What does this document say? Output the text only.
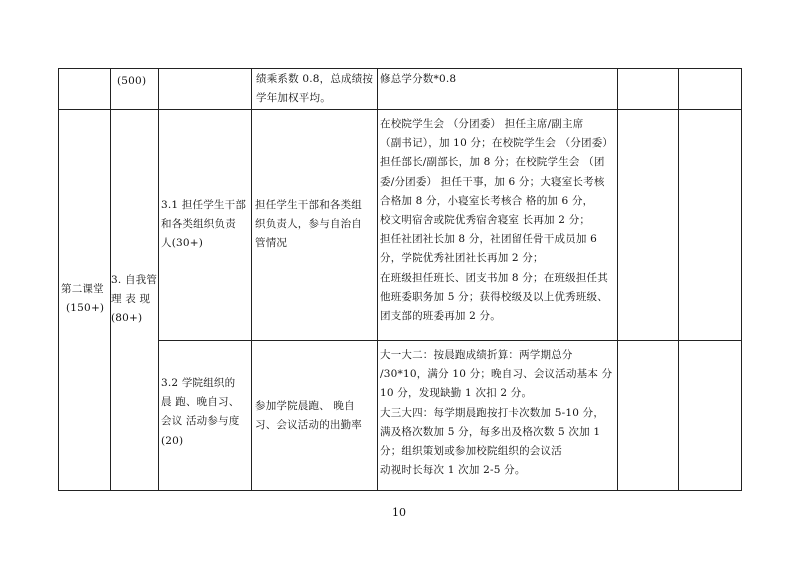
(500)	绩乘系数 0.8，总成绩按
学年加权平均。
修总学分数*0.8
第二课堂
(150+)
3. 自我管
理 表 现
(80+)
3.1 担任学生干部
和各类组织负责
人(30+)
担任学生干部和各类组
织负责人，参与自治自
管情况
在校院学生会 （分团委） 担任主席/副主席
（副书记），加 10 分；在校院学生会 （分团委）
担任部长/副部长，加 8 分；在校院学生会 （团
委/分团委） 担任干事，加 6 分；大寝室长考核
合格加 8 分，小寝室长考核合 格的加 6 分，
校文明宿舍或院优秀宿舍寝室 长再加 2 分；
担任社团社长加 8 分，社团留任骨干成员加 6
分，学院优秀社团社长再加 2 分；
在班级担任班长、团支书加 8 分；在班级担任其
他班委职务加 5 分；获得校级及以上优秀班级、
团支部的班委再加 2 分。
3.2 学院组织的
晨 跑、晚自习、
会议 活动参与度
(20)
参加学院晨跑、 晚自
习、会议活动的出勤率
大一大二：按晨跑成绩折算：两学期总分
/30*10，满分 10 分；晚自习、会议活动基本 分
10 分，发现缺勤 1 次扣 2 分。
大三大四：每学期晨跑按打卡次数加 5-10 分，
满及格次数加 5 分，每多出及格次数 5 次加 1
分；组织策划或参加校院组织的会议活
动视时长每次 1 次加 2-5 分。
10
